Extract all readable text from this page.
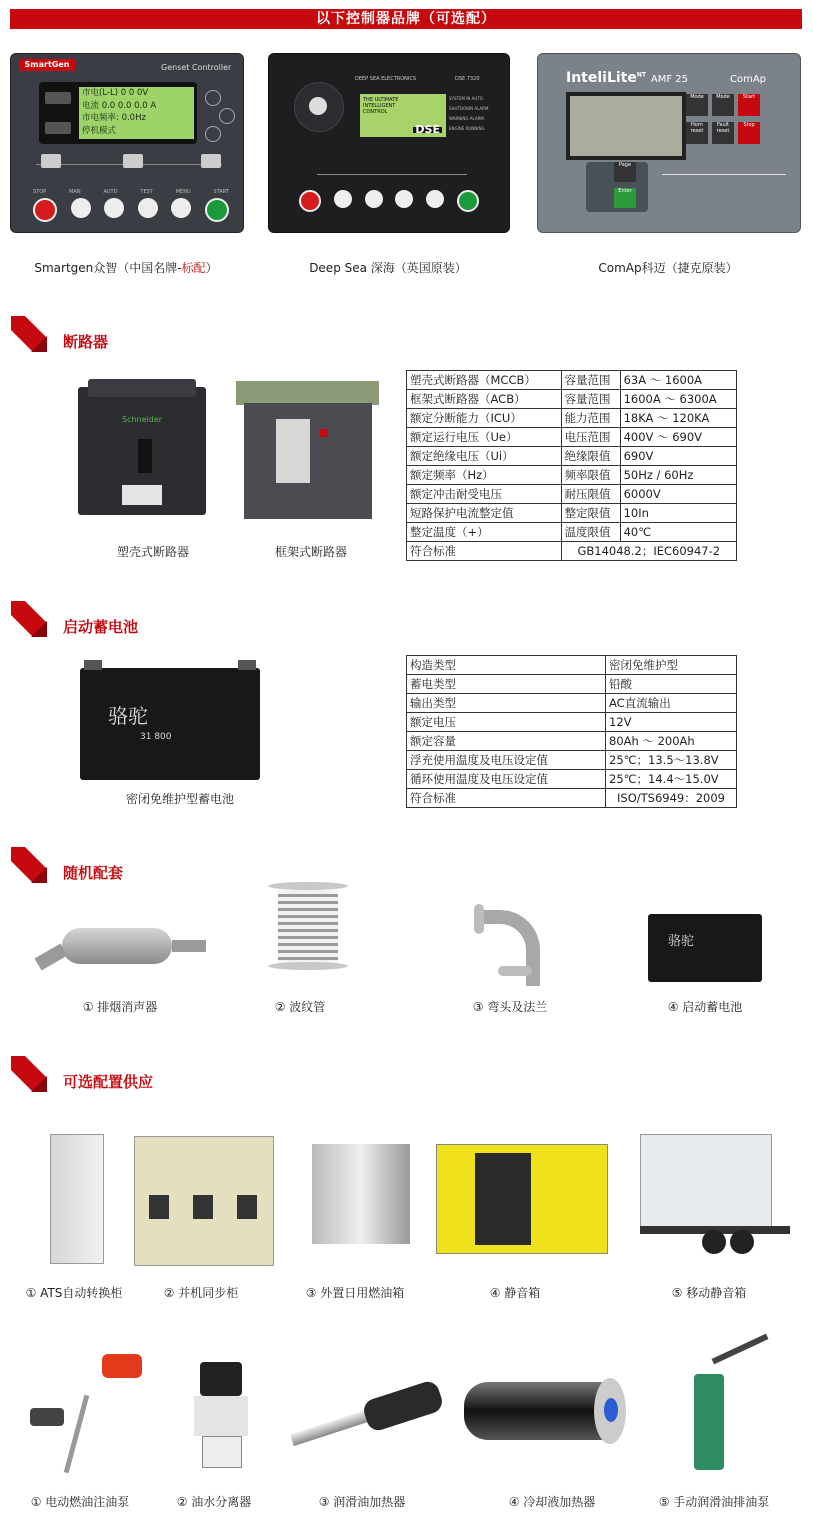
以下控制器品牌（可选配）
SmartGen	Genset Controller
市电(L-L) 0 0 0V
电流 0.0 0.0 0.0 A
市电频率: 0.0Hz
停机模式
STOP	MAN	AUTO	TEST	MENU	START
Smartgen众智（中国名牌-标配）
DEEP SEA ELECTRONICS	DSE 7320
THE ULTIMATE INTELLIGENT CONTROL
DSE
SYSTEM IN AUTO
SHUTDOWN ALARM
WARNING ALARM
ENGINE RUNNING
Deep Sea 深海（英国原装）
InteliLite$^{NT}$ AMF 25	ComAp
Mode	Mode	Start
Horn reset
Fault reset
Stop
Page
Enter
ComAp科迈（捷克原装）
断路器
Schneider
塑壳式断路器	框架式断路器
塑壳式断路器（MCCB）	容量范围	63A ～ 1600A
框架式断路器（ACB）	容量范围	1600A ～ 6300A
额定分断能力（ICU）	能力范围	18KA ～ 120KA
额定运行电压（Ue）	电压范围	400V ～ 690V
额定绝缘电压（Ui）	绝缘限值	690V
额定频率（Hz）	频率限值	50Hz / 60Hz
额定冲击耐受电压	耐压限值	6000V
短路保护电流整定值	整定限值	10In
整定温度（+）	温度限值	40℃
符合标准	GB14048.2；IEC60947-2	
启动蓄电池
骆驼
31 800
密闭免维护型蓄电池
构造类型	密闭免维护型
蓄电类型	铅酸
输出类型	AC直流输出
额定电压	12V
额定容量	80Ah ～ 200Ah
浮充使用温度及电压设定值	25℃；13.5～13.8V
循环使用温度及电压设定值	25℃；14.4～15.0V
符合标准	ISO/TS6949：2009
随机配套
① 排烟消声器	② 波纹管	③ 弯头及法兰
骆驼
④ 启动蓄电池
可选配置供应
① ATS自动转换柜	② 并机同步柜	③ 外置日用燃油箱	④ 静音箱	⑤ 移动静音箱
① 电动燃油注油泵	② 油水分离器	③ 润滑油加热器	④ 冷却液加热器	⑤ 手动润滑油排油泵
